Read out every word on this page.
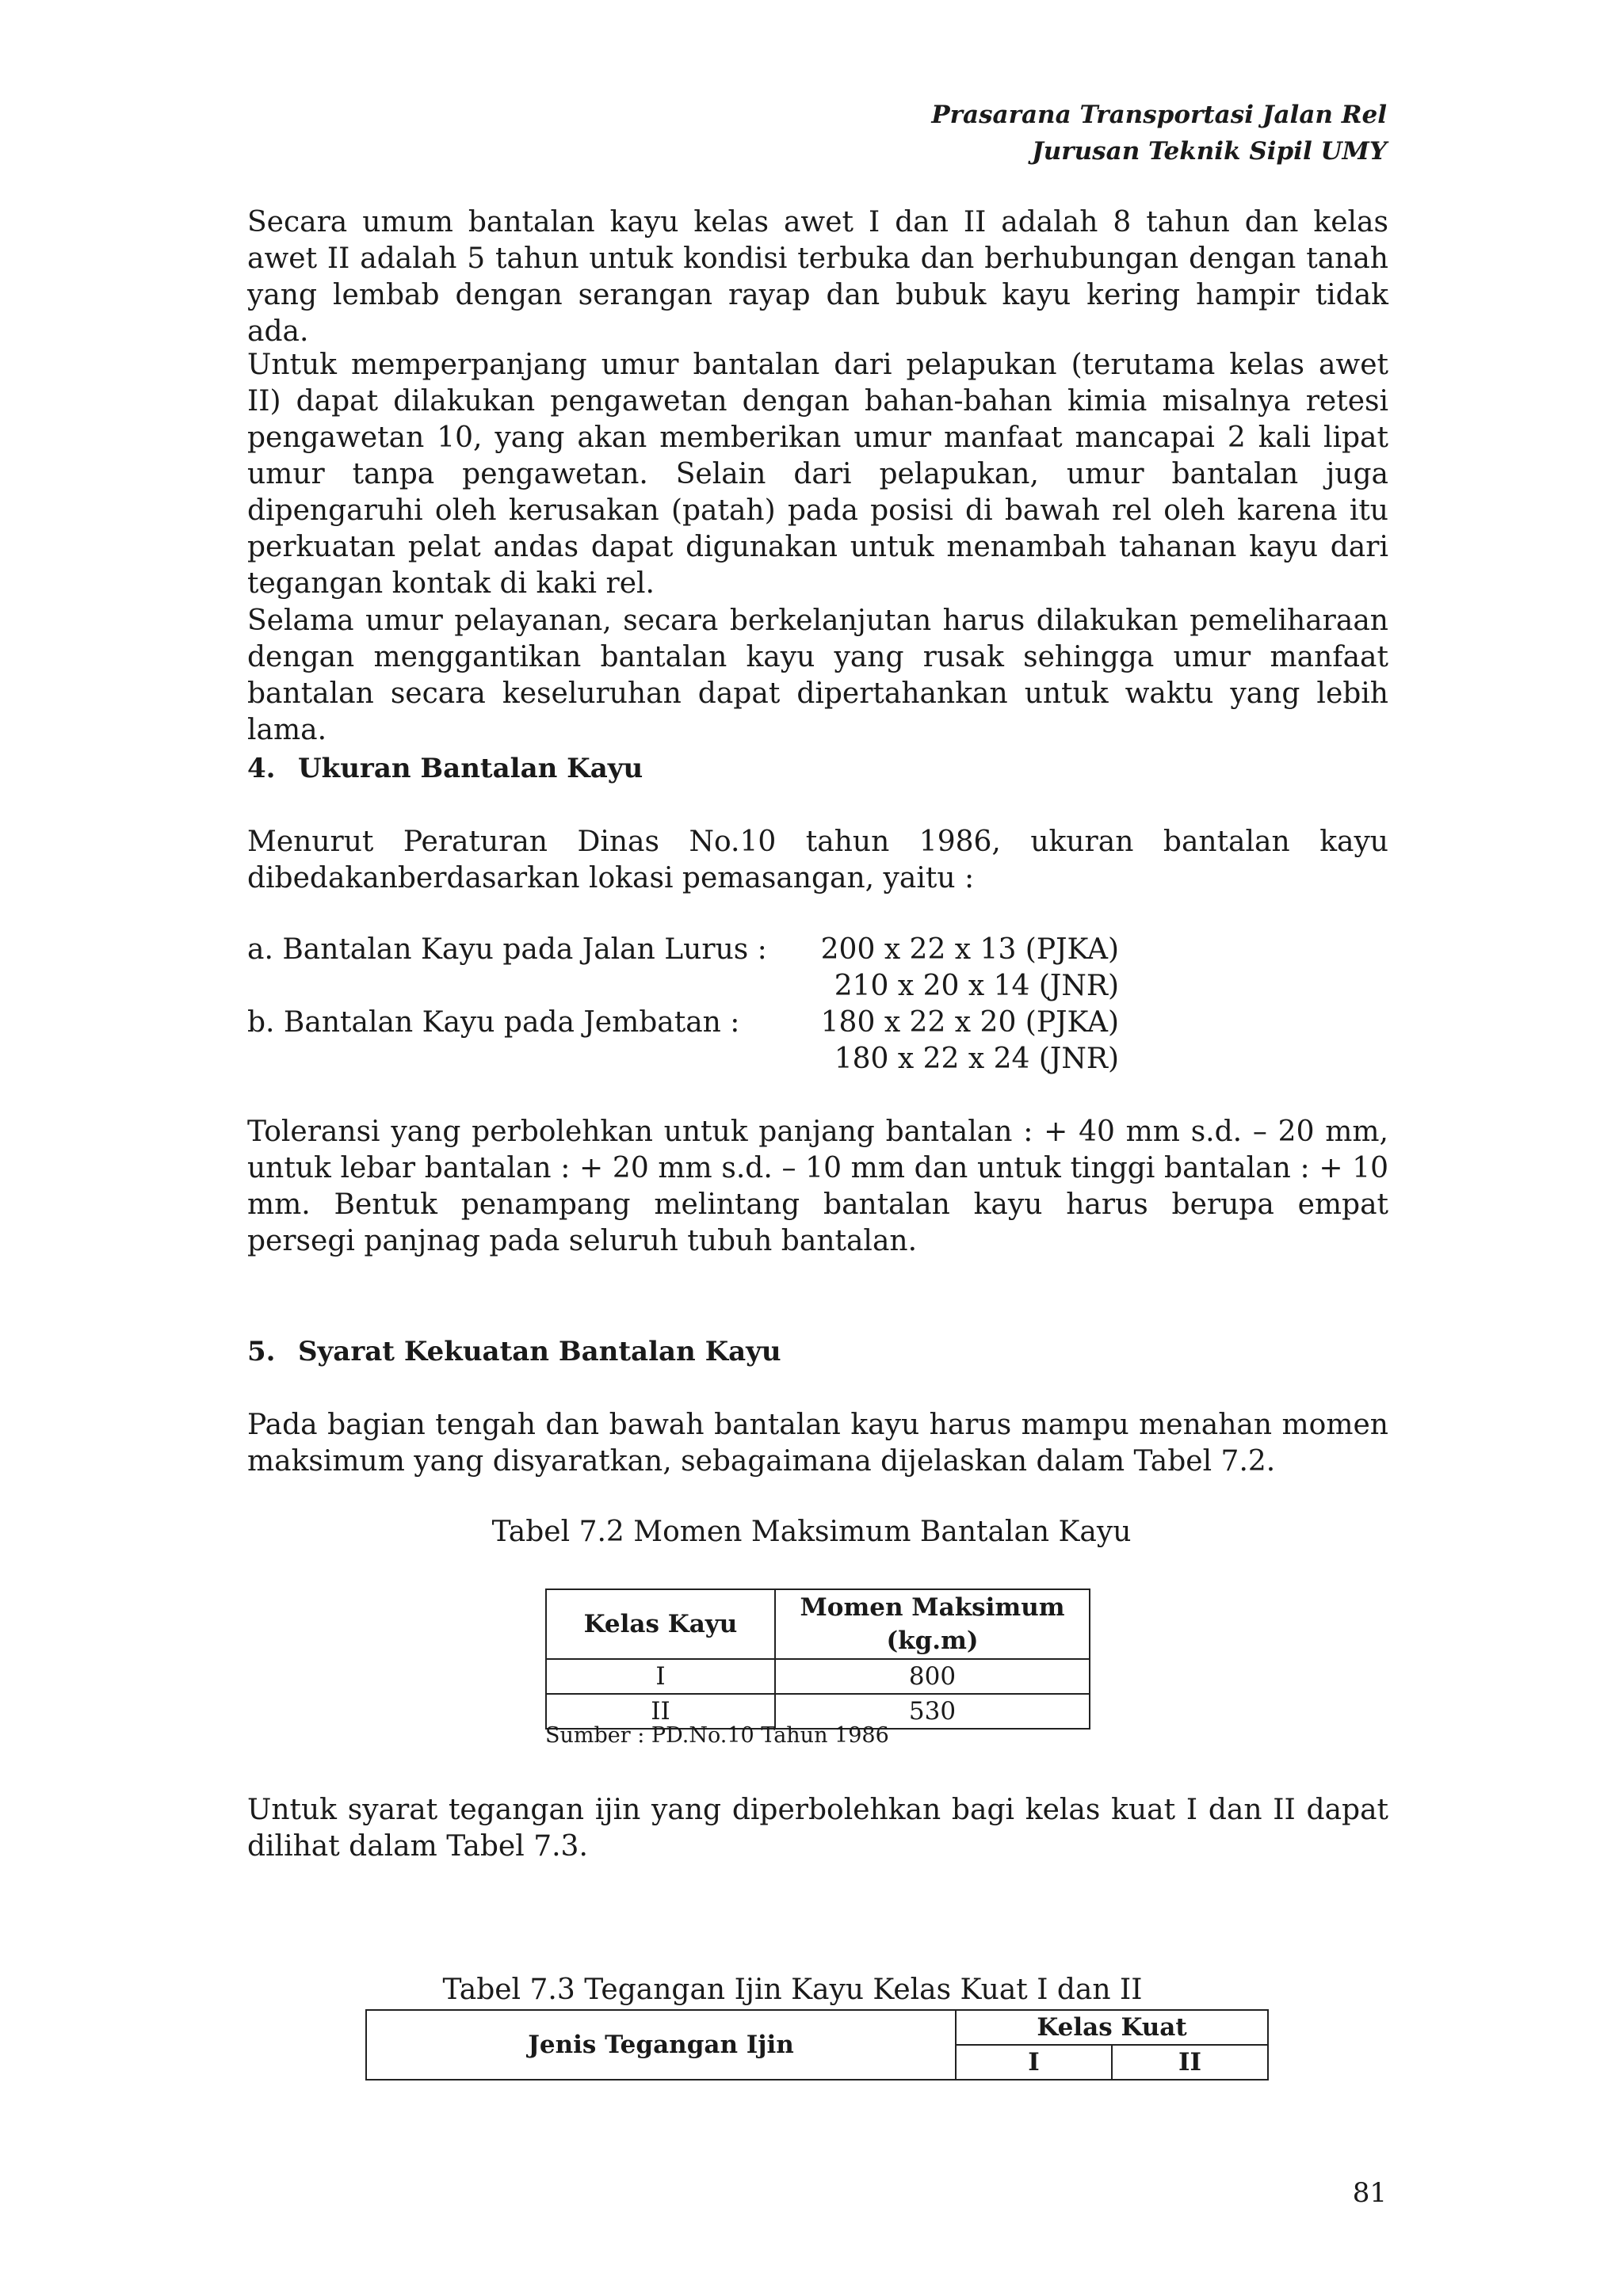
Prasarana Transportasi Jalan Rel
Jurusan Teknik Sipil UMY

Secara umum bantalan kayu kelas awet I dan II adalah 8 tahun dan kelas awet II adalah 5 tahun untuk kondisi terbuka dan berhubungan dengan tanah yang lembab dengan serangan rayap dan bubuk kayu kering hampir tidak ada.

Untuk memperpanjang umur bantalan dari pelapukan (terutama kelas awet II) dapat dilakukan pengawetan dengan bahan-bahan kimia misalnya retesi pengawetan 10, yang akan memberikan umur manfaat mancapai 2 kali lipat umur tanpa pengawetan. Selain dari pelapukan, umur bantalan juga dipengaruhi oleh kerusakan (patah) pada posisi di bawah rel oleh karena itu perkuatan pelat andas dapat digunakan untuk menambah tahanan kayu dari tegangan kontak di kaki rel.

Selama umur pelayanan, secara berkelanjutan harus dilakukan pemeliharaan dengan menggantikan bantalan kayu yang rusak sehingga umur manfaat bantalan secara keseluruhan dapat dipertahankan untuk waktu yang lebih lama.

4. Ukuran Bantalan Kayu

Menurut Peraturan Dinas No.10 tahun 1986, ukuran bantalan kayu dibedakanberdasarkan lokasi pemasangan, yaitu :

a. Bantalan Kayu pada Jalan Lurus :	200 x 22 x 13 (PJKA)
210 x 20 x 14 (JNR)
b. Bantalan Kayu pada Jembatan :	180 x 22 x 20 (PJKA)
180 x 22 x 24 (JNR)

Toleransi yang perbolehkan untuk panjang bantalan : + 40 mm s.d. – 20 mm, untuk lebar bantalan : + 20 mm s.d. – 10 mm dan untuk tinggi bantalan : + 10 mm. Bentuk penampang melintang bantalan kayu harus berupa empat persegi panjnag pada seluruh tubuh bantalan.

5. Syarat Kekuatan Bantalan Kayu

Pada bagian tengah dan bawah bantalan kayu harus mampu menahan momen maksimum yang disyaratkan, sebagaimana dijelaskan dalam Tabel 7.2.

Tabel 7.2 Momen Maksimum Bantalan Kayu
Kelas Kayu	Momen Maksimum
(kg.m)

I	800
II	530
Sumber : PD.No.10 Tahun 1986

Untuk syarat tegangan ijin yang diperbolehkan bagi kelas kuat I dan II dapat dilihat dalam Tabel 7.3.

Tabel 7.3 Tegangan Ijin Kayu Kelas Kuat I dan II
Jenis Tegangan Ijin	Kelas Kuat	
	I	II
81
